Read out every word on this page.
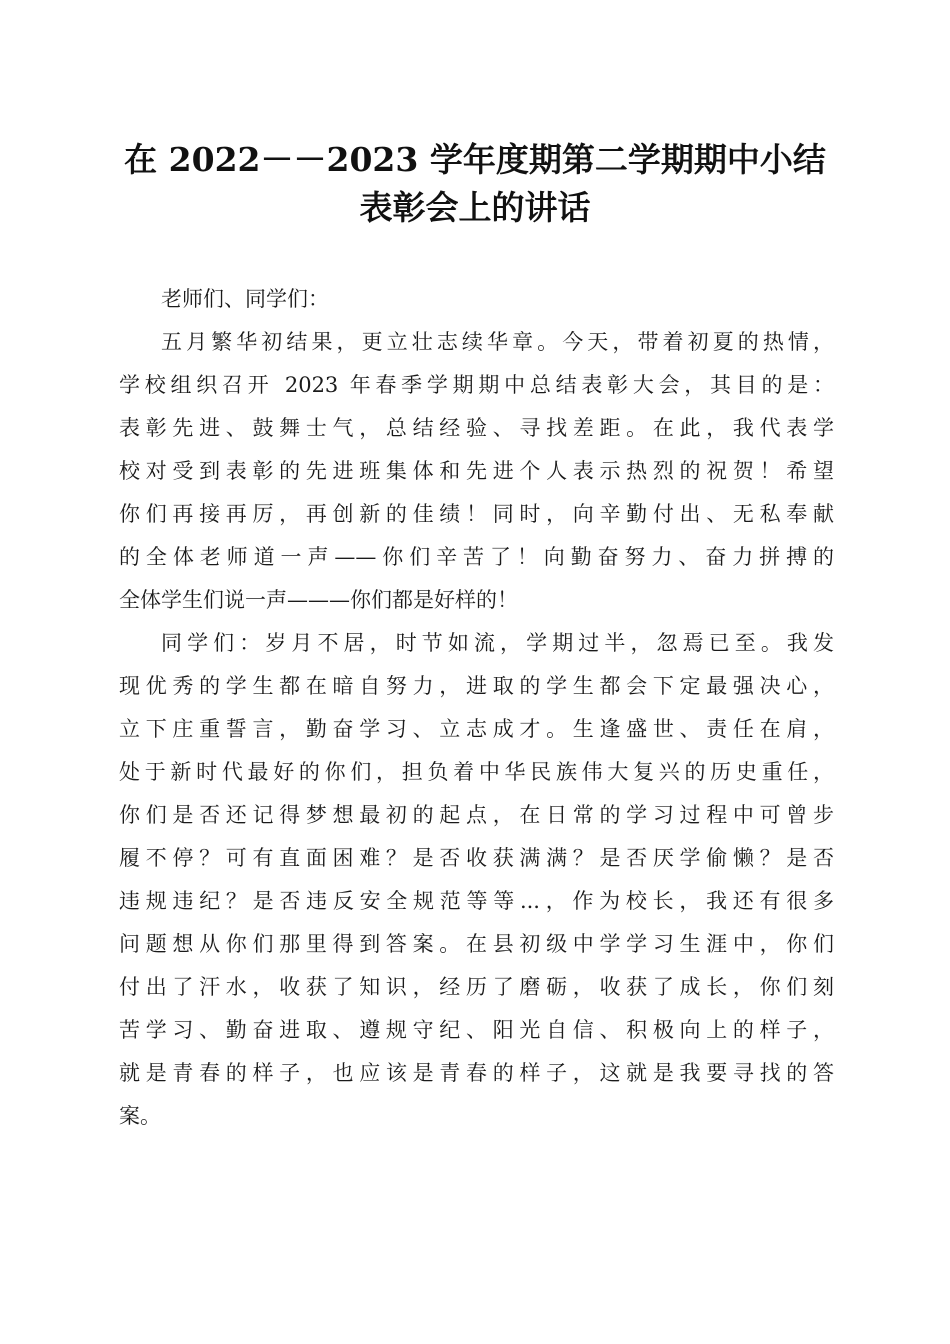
在 2022－－2023 学年度期第二学期期中小结
表彰会上的讲话
老师们、同学们：
五月繁华初结果，更立壮志续华章。今天，带着初夏的热情，
学校组织召开 2023 年春季学期期中总结表彰大会，其目的是：
表彰先进、鼓舞士气，总结经验、寻找差距。在此，我代表学
校对受到表彰的先进班集体和先进个人表示热烈的祝贺！希望
你们再接再厉，再创新的佳绩！同时，向辛勤付出、无私奉献
的全体老师道一声——你们辛苦了！向勤奋努力、奋力拼搏的
全体学生们说一声———你们都是好样的！
同学们：岁月不居，时节如流，学期过半，忽焉已至。我发
现优秀的学生都在暗自努力，进取的学生都会下定最强决心，
立下庄重誓言，勤奋学习、立志成才。生逢盛世、责任在肩，
处于新时代最好的你们，担负着中华民族伟大复兴的历史重任，
你们是否还记得梦想最初的起点，在日常的学习过程中可曾步
履不停？可有直面困难？是否收获满满？是否厌学偷懒？是否
违规违纪？是否违反安全规范等等...，作为校长，我还有很多
问题想从你们那里得到答案。在县初级中学学习生涯中，你们
付出了汗水，收获了知识，经历了磨砺，收获了成长，你们刻
苦学习、勤奋进取、遵规守纪、阳光自信、积极向上的样子，
就是青春的样子，也应该是青春的样子，这就是我要寻找的答
案。
